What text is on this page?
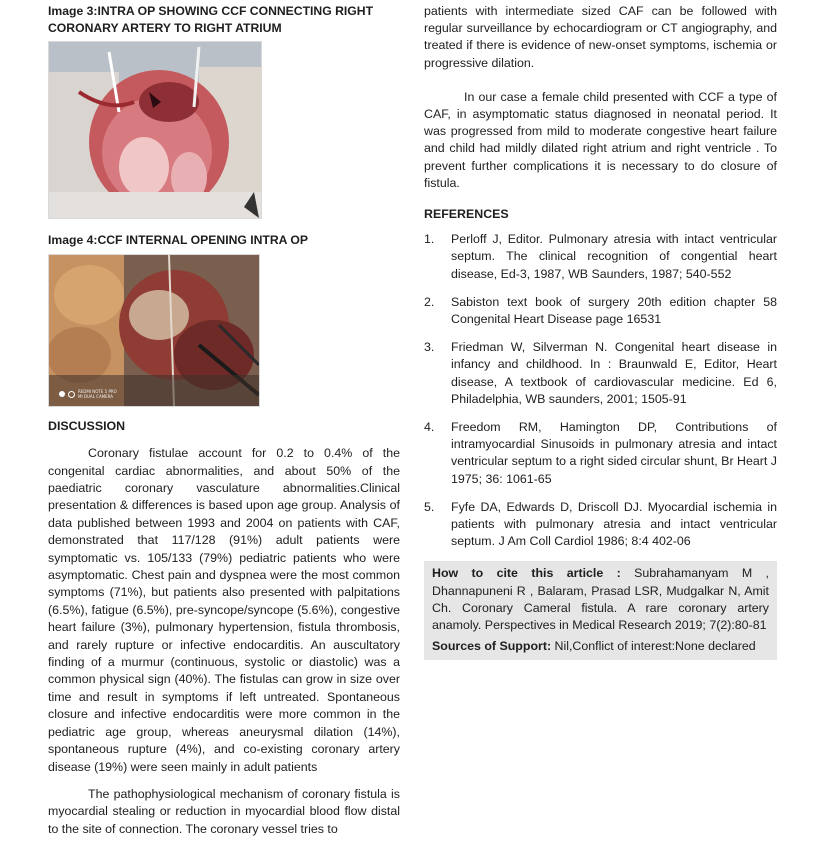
Image 3:INTRA OP SHOWING CCF CONNECTING RIGHT CORONARY ARTERY TO RIGHT ATRIUM

Image 4:CCF INTERNAL OPENING INTRA OP

REDMI NOTE 5 PRO
MI DUAL CAMERA

DISCUSSION

Coronary fistulae account for 0.2 to 0.4% of the congenital cardiac abnormalities, and about 50% of the paediatric coronary vasculature abnormalities.Clinical presentation & differences is based upon age group. Analysis of data published between 1993 and 2004 on patients with CAF, demonstrated that 117/128 (91%) adult patients were symptomatic vs. 105/133 (79%) pediatric patients who were asymptomatic. Chest pain and dyspnea were the most common symptoms (71%), but patients also presented with palpitations (6.5%), fatigue (6.5%), pre-syncope/syncope (5.6%), congestive heart failure (3%), pulmonary hypertension, fistula thrombosis, and rarely rupture or infective endocarditis. An auscultatory finding of a murmur (continuous, systolic or diastolic) was a common physical sign (40%). The fistulas can grow in size over time and result in symptoms if left untreated. Spontaneous closure and infective endocarditis were more common in the pediatric age group, whereas aneurysmal dilation (14%), spontaneous rupture (4%), and co-existing coronary artery disease (19%) were seen mainly in adult patients

The pathophysiological mechanism of coronary fistula is myocardial stealing or reduction in myocardial blood flow distal to the site of connection. The coronary vessel tries to

patients with intermediate sized CAF can be followed with regular surveillance by echocardiogram or CT angiography, and treated if there is evidence of new-onset symptoms, ischemia or progressive dilation.

In our case a female child presented with CCF a type of CAF, in asymptomatic status diagnosed in neonatal period. It was progressed from mild to moderate congestive heart failure and child had mildly dilated right atrium and right ventricle . To prevent further complications it is necessary to do closure of fistula.

REFERENCES

1.	Perloff J, Editor. Pulmonary atresia with intact ventricular septum. The clinical recognition of congential heart disease, Ed-3, 1987, WB Saunders, 1987; 540-552
2.	Sabiston text book of surgery 20th edition chapter 58 Congenital Heart Disease page 16531
3.	Friedman W, Silverman N. Congenital heart disease in infancy and childhood. In : Braunwald E, Editor, Heart disease, A textbook of cardiovascular medicine. Ed 6, Philadelphia, WB saunders, 2001; 1505-91
4.	Freedom RM, Hamington DP, Contributions of intramyocardial Sinusoids in pulmonary atresia and intact ventricular septum to a right sided circular shunt, Br Heart J 1975; 36: 1061-65
5.	Fyfe DA, Edwards D, Driscoll DJ. Myocardial ischemia in patients with pulmonary atresia and intact ventricular septum. J Am Coll Cardiol 1986; 8:4 402-06

How to cite this article : Subrahamanyam M , Dhannapuneni R , Balaram, Prasad LSR, Mudgalkar N, Amit Ch. Coronary Cameral fistula. A rare coronary artery anamoly. Perspectives in Medical Research 2019; 7(2):80-81

Sources of Support: Nil,Conflict of interest:None declared
